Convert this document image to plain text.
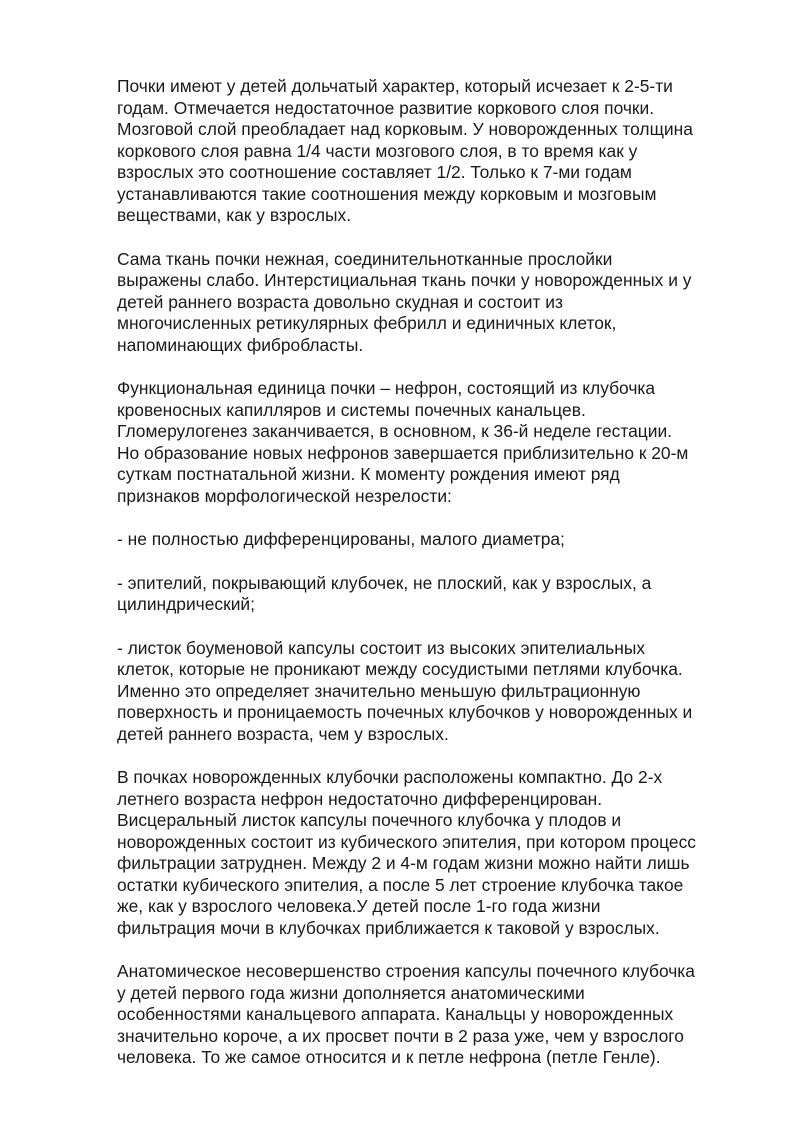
Почки имеют у детей дольчатый характер, который исчезает к 2-5-ти
годам. Отмечается недостаточное развитие коркового слоя почки.
Мозговой слой преобладает над корковым. У новорожденных толщина
коркового слоя равна 1/4 части мозгового слоя, в то время как у
взрослых это соотношение составляет 1/2. Только к 7-ми годам
устанавливаются такие соотношения между корковым и мозговым
веществами, как у взрослых.

Сама ткань почки нежная, соединительнотканные прослойки
выражены слабо. Интерстициальная ткань почки у новорожденных и у
детей раннего возраста довольно скудная и состоит из
многочисленных ретикулярных фебрилл и единичных клеток,
напоминающих фибробласты.

Функциональная единица почки – нефрон, состоящий из клубочка
кровеносных капилляров и системы почечных канальцев.
Гломерулогенез заканчивается, в основном, к 36-й неделе гестации.
Но образование новых нефронов завершается приблизительно к 20-м
суткам постнатальной жизни. К моменту рождения имеют ряд
признаков морфологической незрелости:

- не полностью дифференцированы, малого диаметра;

- эпителий, покрывающий клубочек, не плоский, как у взрослых, а
цилиндрический;

- листок боуменовой капсулы состоит из высоких эпителиальных
клеток, которые не проникают между сосудистыми петлями клубочка.
Именно это определяет значительно меньшую фильтрационную
поверхность и проницаемость почечных клубочков у новорожденных и
детей раннего возраста, чем у взрослых.

В почках новорожденных клубочки расположены компактно. До 2-х
летнего возраста нефрон недостаточно дифференцирован.
Висцеральный листок капсулы почечного клубочка у плодов и
новорожденных состоит из кубического эпителия, при котором процесс
фильтрации затруднен. Между 2 и 4-м годам жизни можно найти лишь
остатки кубического эпителия, а после 5 лет строение клубочка такое
же, как у взрослого человека.У детей после 1-го года жизни
фильтрация мочи в клубочках приближается к таковой у взрослых.

Анатомическое несовершенство строения капсулы почечного клубочка
у детей первого года жизни дополняется анатомическими
особенностями канальцевого аппарата. Канальцы у новорожденных
значительно короче, а их просвет почти в 2 раза уже, чем у взрослого
человека. То же самое относится и к петле нефрона (петле Генле).
